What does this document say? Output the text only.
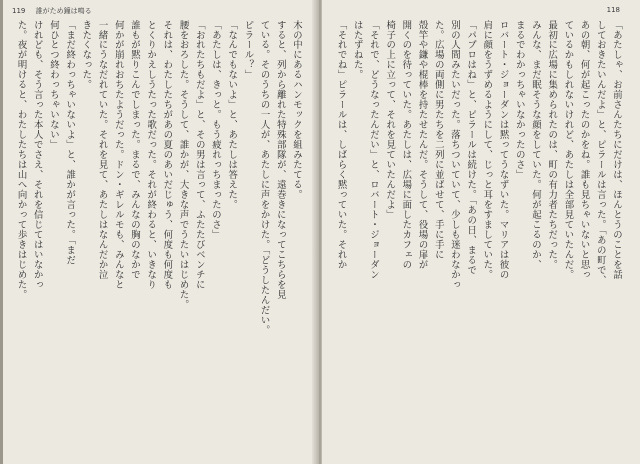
119 誰がため鐘は鳴る
木の中にあるハンモックを組みたてる。
すると、列から離れた特殊部隊が、遠巻きになってこちらを見
ている。そのうちの一人が、あたしに声をかけた。「どうしたんだい。
ピラール？」
「なんでもないよ」と、あたしは答えた。
「あたしは、きっと。もう疲れっちまったのさ」
「おれたちもだよ」と、その男は言って、ふたたびベンチに
腰をおろした。そうして、誰かが、大きな声でうたいはじめた。
それは、わたしたちがあの夏のあいだじゅう、何度も何度も
とくりかえしうたった歌だった。それが終わると、いきなり
誰もが黙りこんでしまった。まるで、みんなの胸のなかで
何かが崩れおちたようだった。ドン・ギレルモも、みんなと
一緒にうなだれていた。それを見て、あたしはなんだか泣
きたくなった。
「まだ終わっちゃいないよ」と、誰かが言った。「まだ
何ひとつ終わっちゃいない」
けれども、そう言った本人でさえ、それを信じてはいなかっ
た。夜が明けると、わたしたちは山へ向かって歩きはじめた。
118
「あたしゃ、お前さんたちにだけは、ほんとうのことを話
しておきたいんだよ」と、ピラールは言った。「あの町で、
あの朝、何が起こったのかをね。誰も見ちゃいないと思っ
ているかもしれないけれど、あたしは全部見ていたんだ。
最初に広場に集められたのは、町の有力者たちだった。
みんな、まだ眠そうな顔をしていた。何が起こるのか、
まるでわかっちゃいなかったのさ」
ロバート・ジョーダンは黙ってうなずいた。マリアは彼の
肩に顔をうずめるようにして、じっと耳をすましていた。
「パブロはね」と、ピラールは続けた。「あの日、まるで
別の人間みたいだった。落ちついていて、少しも迷わなかっ
た。広場の両側に男たちを二列に並ばせて、手に手に
殻竿や鎌や棍棒を持たせたんだ。そうして、役場の扉が
開くのを待っていた。あたしは、広場に面したカフェの
椅子の上に立って、それを見ていたんだよ」
「それで、どうなったんだい」と、ロバート・ジョーダン
はたずねた。
「それでね」ピラールは、しばらく黙っていた。それか
